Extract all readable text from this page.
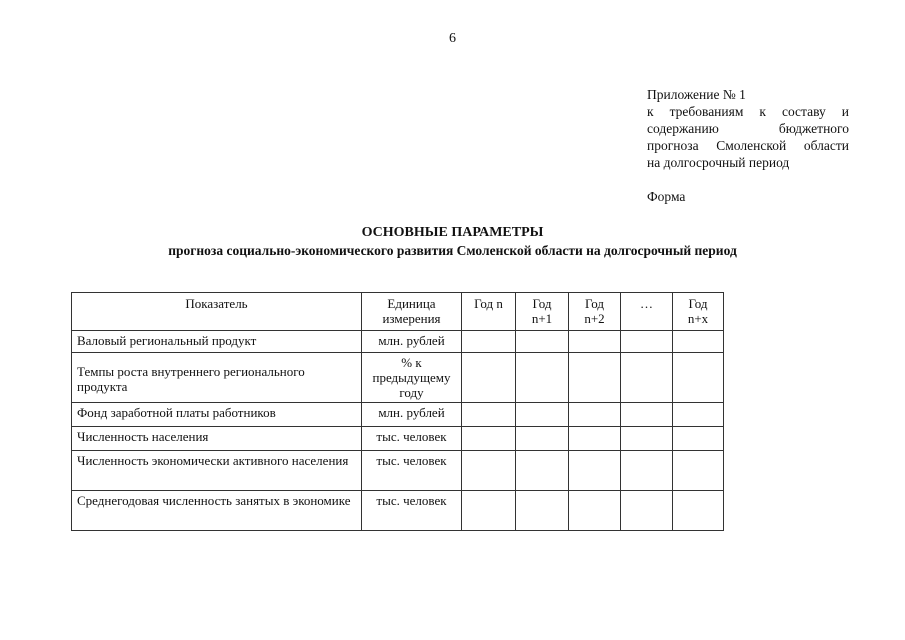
6
Приложение № 1
к требованиям к составу и
содержанию бюджетного
прогноза Смоленской области
на долгосрочный период
Форма
ОСНОВНЫЕ ПАРАМЕТРЫ
прогноза социально-экономического развития Смоленской области на долгосрочный период
Показатель	Единица измерения	Год n	Год n+1	Год n+2	…	Год n+x
Валовый региональный продукт	млн. рублей					
Темпы роста внутреннего регионального продукта	% к предыдущему году					
Фонд заработной платы работников	млн. рублей					
Численность населения	тыс. человек					
Численность экономически активного населения	тыс. человек					
Среднегодовая численность занятых в экономике	тыс. человек					
